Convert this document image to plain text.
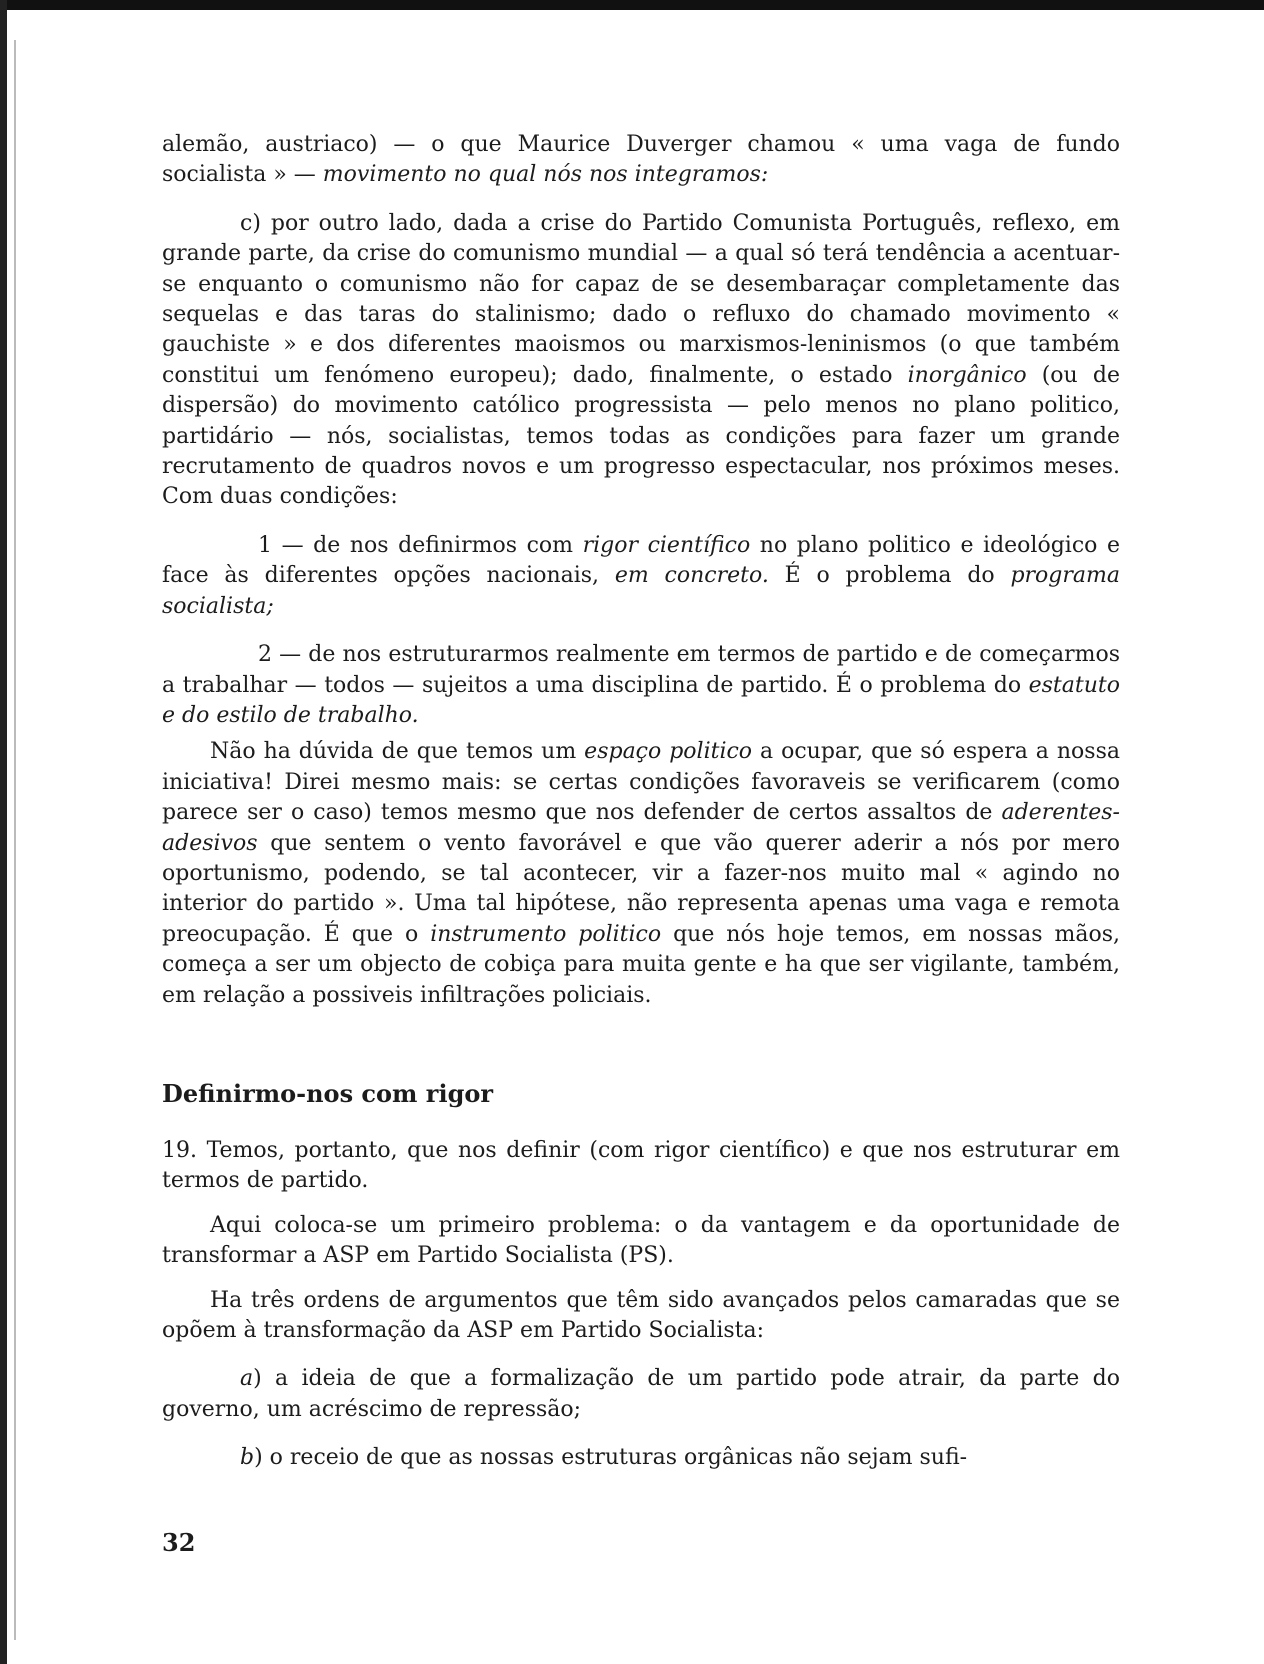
alemão, austriaco) — o que Maurice Duverger chamou « uma vaga de fundo socialista » — movimento no qual nós nos integramos:

c) por outro lado, dada a crise do Partido Comunista Português, reflexo, em grande parte, da crise do comunismo mundial — a qual só terá tendência a acentuar-se enquanto o comunismo não for capaz de se desembaraçar completamente das sequelas e das taras do stalinismo; dado o refluxo do chamado movimento « gauchiste » e dos diferentes maoismos ou marxismos-leninismos (o que também constitui um fenómeno europeu); dado, finalmente, o estado inorgânico (ou de dispersão) do movimento católico progressista — pelo menos no plano politico, partidário — nós, socialistas, temos todas as condições para fazer um grande recrutamento de quadros novos e um progresso espectacular, nos próximos meses. Com duas condições:

1 — de nos definirmos com rigor científico no plano politico e ideológico e face às diferentes opções nacionais, em concreto. É o problema do programa socialista;

2 — de nos estruturarmos realmente em termos de partido e de começarmos a trabalhar — todos — sujeitos a uma disciplina de partido. É o problema do estatuto e do estilo de trabalho.

Não ha dúvida de que temos um espaço politico a ocupar, que só espera a nossa iniciativa! Direi mesmo mais: se certas condições favoraveis se verificarem (como parece ser o caso) temos mesmo que nos defender de certos assaltos de aderentes-adesivos que sentem o vento favorável e que vão querer aderir a nós por mero oportunismo, podendo, se tal acontecer, vir a fazer-nos muito mal « agindo no interior do partido ». Uma tal hipótese, não representa apenas uma vaga e remota preocupação. É que o instrumento politico que nós hoje temos, em nossas mãos, começa a ser um objecto de cobiça para muita gente e ha que ser vigilante, também, em relação a possiveis infiltrações policiais.

Definirmo-nos com rigor

19. Temos, portanto, que nos definir (com rigor científico) e que nos estruturar em termos de partido.

Aqui coloca-se um primeiro problema: o da vantagem e da oportunidade de transformar a ASP em Partido Socialista (PS).

Ha três ordens de argumentos que têm sido avançados pelos camaradas que se opõem à transformação da ASP em Partido Socialista:

a) a ideia de que a formalização de um partido pode atrair, da parte do governo, um acréscimo de repressão;

b) o receio de que as nossas estruturas orgânicas não sejam sufi-

32
